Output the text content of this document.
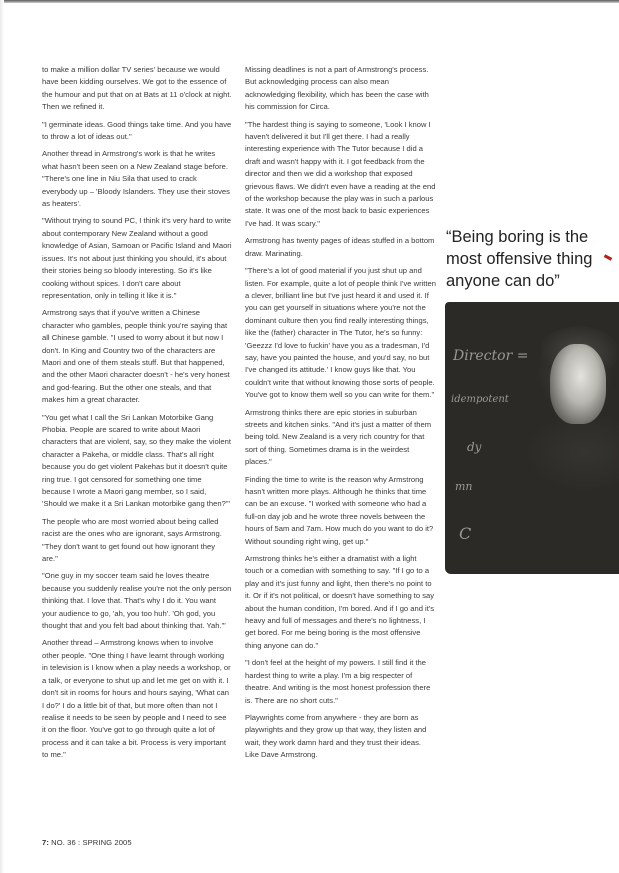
to make a million dollar TV series' because we would have been kidding ourselves. We got to the essence of the humour and put that on at Bats at 11 o'clock at night. Then we refined it.

"I germinate ideas. Good things take time. And you have to throw a lot of ideas out."

Another thread in Armstrong's work is that he writes what hasn't been seen on a New Zealand stage before. "There's one line in Niu Sila that used to crack everybody up – 'Bloody Islanders. They use their stoves as heaters'.

"Without trying to sound PC, I think it's very hard to write about contemporary New Zealand without a good knowledge of Asian, Samoan or Pacific Island and Maori issues. It's not about just thinking you should, it's about their stories being so bloody interesting. So it's like cooking without spices. I don't care about representation, only in telling it like it is."

Armstrong says that if you've written a Chinese character who gambles, people think you're saying that all Chinese gamble. "I used to worry about it but now I don't. In King and Country two of the characters are Maori and one of them steals stuff. But that happened, and the other Maori character doesn't - he's very honest and god-fearing. But the other one steals, and that makes him a great character.

"You get what I call the Sri Lankan Motorbike Gang Phobia. People are scared to write about Maori characters that are violent, say, so they make the violent character a Pakeha, or middle class. That's all right because you do get violent Pakehas but it doesn't quite ring true. I got censored for something one time because I wrote a Maori gang member, so I said, 'Should we make it a Sri Lankan motorbike gang then?'"

The people who are most worried about being called racist are the ones who are ignorant, says Armstrong. "They don't want to get found out how ignorant they are."

"One guy in my soccer team said he loves theatre because you suddenly realise you're not the only person thinking that. I love that. That's why I do it. You want your audience to go, 'ah, you too huh'. 'Oh god, you thought that and you felt bad about thinking that. Yah.'"

Another thread – Armstrong knows when to involve other people. "One thing I have learnt through working in television is I know when a play needs a workshop, or a talk, or everyone to shut up and let me get on with it. I don't sit in rooms for hours and hours saying, 'What can I do?' I do a little bit of that, but more often than not I realise it needs to be seen by people and I need to see it on the floor. You've got to go through quite a lot of process and it can take a bit. Process is very important to me."

Missing deadlines is not a part of Armstrong's process. But acknowledging process can also mean acknowledging flexibility, which has been the case with his commission for Circa.

"The hardest thing is saying to someone, 'Look I know I haven't delivered it but I'll get there. I had a really interesting experience with The Tutor because I did a draft and wasn't happy with it. I got feedback from the director and then we did a workshop that exposed grievous flaws. We didn't even have a reading at the end of the workshop because the play was in such a parlous state. It was one of the most back to basic experiences I've had. It was scary."

Armstrong has twenty pages of ideas stuffed in a bottom draw. Marinating.

"There's a lot of good material if you just shut up and listen. For example, quite a lot of people think I've written a clever, brilliant line but I've just heard it and used it. If you can get yourself in situations where you're not the dominant culture then you find really interesting things, like the (father) character in The Tutor, he's so funny: 'Geezzz I'd love to fuckin' have you as a tradesman, I'd say, have you painted the house, and you'd say, no but I've changed its attitude.' I know guys like that. You couldn't write that without knowing those sorts of people. You've got to know them well so you can write for them."

Armstrong thinks there are epic stories in suburban streets and kitchen sinks. "And it's just a matter of them being told. New Zealand is a very rich country for that sort of thing. Sometimes drama is in the weirdest places."

Finding the time to write is the reason why Armstrong hasn't written more plays. Although he thinks that time can be an excuse. "I worked with someone who had a full-on day job and he wrote three novels between the hours of 5am and 7am. How much do you want to do it? Without sounding right wing, get up."

Armstrong thinks he's either a dramatist with a light touch or a comedian with something to say. "If I go to a play and it's just funny and light, then there's no point to it. Or if it's not political, or doesn't have something to say about the human condition, I'm bored. And if I go and it's heavy and full of messages and there's no lightness, I get bored. For me being boring is the most offensive thing anyone can do."

"I don't feel at the height of my powers. I still find it the hardest thing to write a play. I'm a big respecter of theatre. And writing is the most honest profession there is. There are no short cuts."

Playwrights come from anywhere - they are born as playwrights and they grow up that way, they listen and wait, they work damn hard and they trust their ideas. Like Dave Armstrong.

“Being boring is the most offensive thing anyone can do”
Director =
idempotent
dy
mn
C
7: NO. 36 : SPRING 2005
